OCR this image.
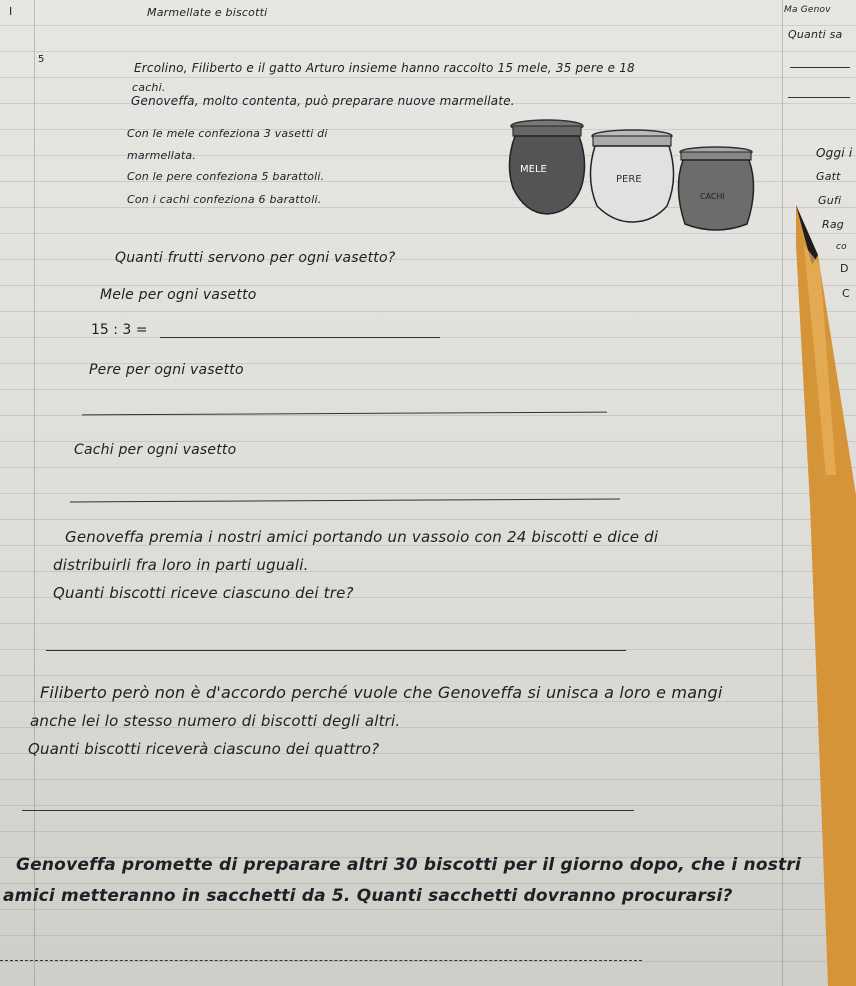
I	Marmellate e biscotti	Ma Genov
Quanti sa
5
Ercolino, Filiberto e il gatto Arturo insieme hanno raccolto 15 mele, 35 pere e 18
cachi.
Genoveffa, molto contenta, può preparare nuove marmellate.
Con le mele confeziona 3 vasetti di
marmellata.
Con le pere confeziona 5 barattoli.
Con i cachi confeziona 6 barattoli.
MELE
PERE
CACHI
Oggi i
Gatt
Gufi
Rag
co
D
C
Quanti frutti servono per ogni vasetto?
Mele per ogni vasetto
15 : 3 =
Pere per ogni vasetto
Cachi per ogni vasetto
Genoveffa premia i nostri amici portando un vassoio con 24 biscotti e dice di
distribuirli fra loro in parti uguali.
Quanti biscotti riceve ciascuno dei tre?
Filiberto però non è d'accordo perché vuole che Genoveffa si unisca a loro e mangi
anche lei lo stesso numero di biscotti degli altri.
Quanti biscotti riceverà ciascuno dei quattro?
Genoveffa promette di preparare altri 30 biscotti per il giorno dopo, che i nostri
amici metteranno in sacchetti da 5. Quanti sacchetti dovranno procurarsi?
